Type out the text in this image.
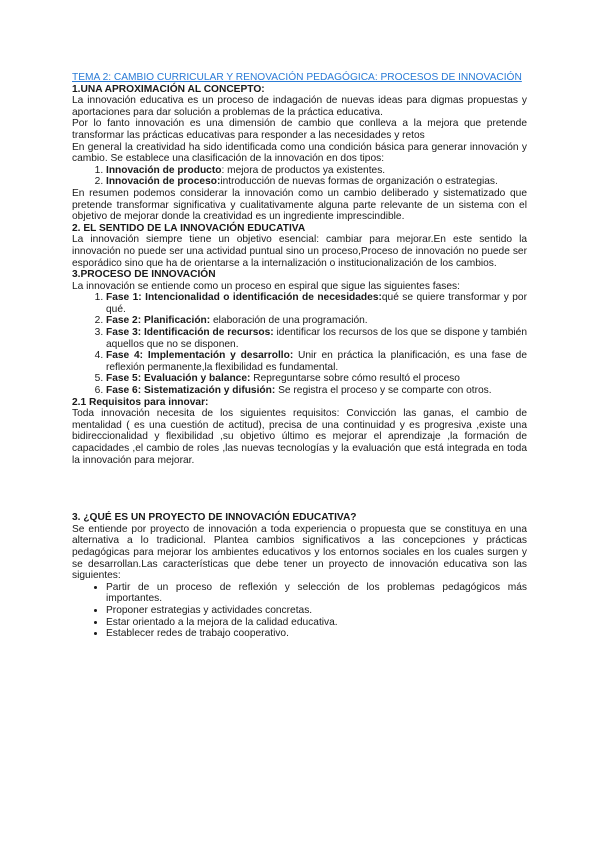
TEMA 2: CAMBIO CURRICULAR Y RENOVACIÓN PEDAGÓGICA: PROCESOS DE INNOVACIÓN

1.UNA APROXIMACIÓN AL CONCEPTO:

La innovación educativa es un proceso de indagación de nuevas ideas para digmas propuestas y aportaciones para dar solución a problemas de la práctica educativa.

Por lo fanto innovación es una dimensión de cambio que conlleva a la mejora que pretende transformar las prácticas educativas para responder a las necesidades y retos

En general la creatividad ha sido identificada como una condición básica para generar innovación y cambio. Se establece una clasificación de la innovación en dos tipos:

1. Innovación de producto: mejora de productos ya existentes.
2. Innovación de proceso:introducción de nuevas formas de organización o estrategias.

En resumen podemos considerar la innovación como un cambio deliberado y sistematizado que pretende transformar significativa y cualitativamente alguna parte relevante de un sistema con el objetivo de mejorar donde la creatividad es un ingrediente imprescindible.

2. EL SENTIDO DE LA INNOVACIÓN EDUCATIVA

La innovación siempre tiene un objetivo esencial: cambiar para mejorar.En este sentido la innovación no puede ser una actividad puntual sino un proceso,Proceso de innovación no puede ser esporádico sino que ha de orientarse a la internalización o institucionalización de los cambios.

3.PROCESO DE INNOVACIÓN

La innovación se entiende como un proceso en espiral que sigue las siguientes fases:

1. Fase 1: Intencionalidad o identificación de necesidades:qué se quiere transformar y por qué.
2. Fase 2: Planificación: elaboración de una programación.
3. Fase 3: Identificación de recursos: identificar los recursos de los que se dispone y también aquellos que no se disponen.
4. Fase 4: Implementación y desarrollo: Unir en práctica la planificación, es una fase de reflexión permanente,la flexibilidad es fundamental.
5. Fase 5: Evaluación y balance: Repreguntarse sobre cómo resultó el proceso
6. Fase 6: Sistematización y difusión: Se registra el proceso y se comparte con otros.
2.1 Requisitos para innovar:

Toda innovación necesita de los siguientes requisitos: Convicción las ganas, el cambio de mentalidad ( es una cuestión de actitud), precisa de una continuidad y es progresiva ,existe una bidireccionalidad y flexibilidad ,su objetivo último es mejorar el aprendizaje ,la formación de capacidades ,el cambio de roles ,las nuevas tecnologías y la evaluación que está integrada en toda la innovación para mejorar.

3. ¿QUÉ ES UN PROYECTO DE INNOVACIÓN EDUCATIVA?

Se entiende por proyecto de innovación a toda experiencia o propuesta que se constituya en una alternativa a lo tradicional. Plantea cambios significativos a las concepciones y prácticas pedagógicas para mejorar los ambientes educativos y los entornos sociales en los cuales surgen y se desarrollan.Las características que debe tener un proyecto de innovación educativa son las siguientes:

• Partir de un proceso de reflexión y selección de los problemas pedagógicos más importantes.
• Proponer estrategias y actividades concretas.
• Estar orientado a la mejora de la calidad educativa.
• Establecer redes de trabajo cooperativo.
